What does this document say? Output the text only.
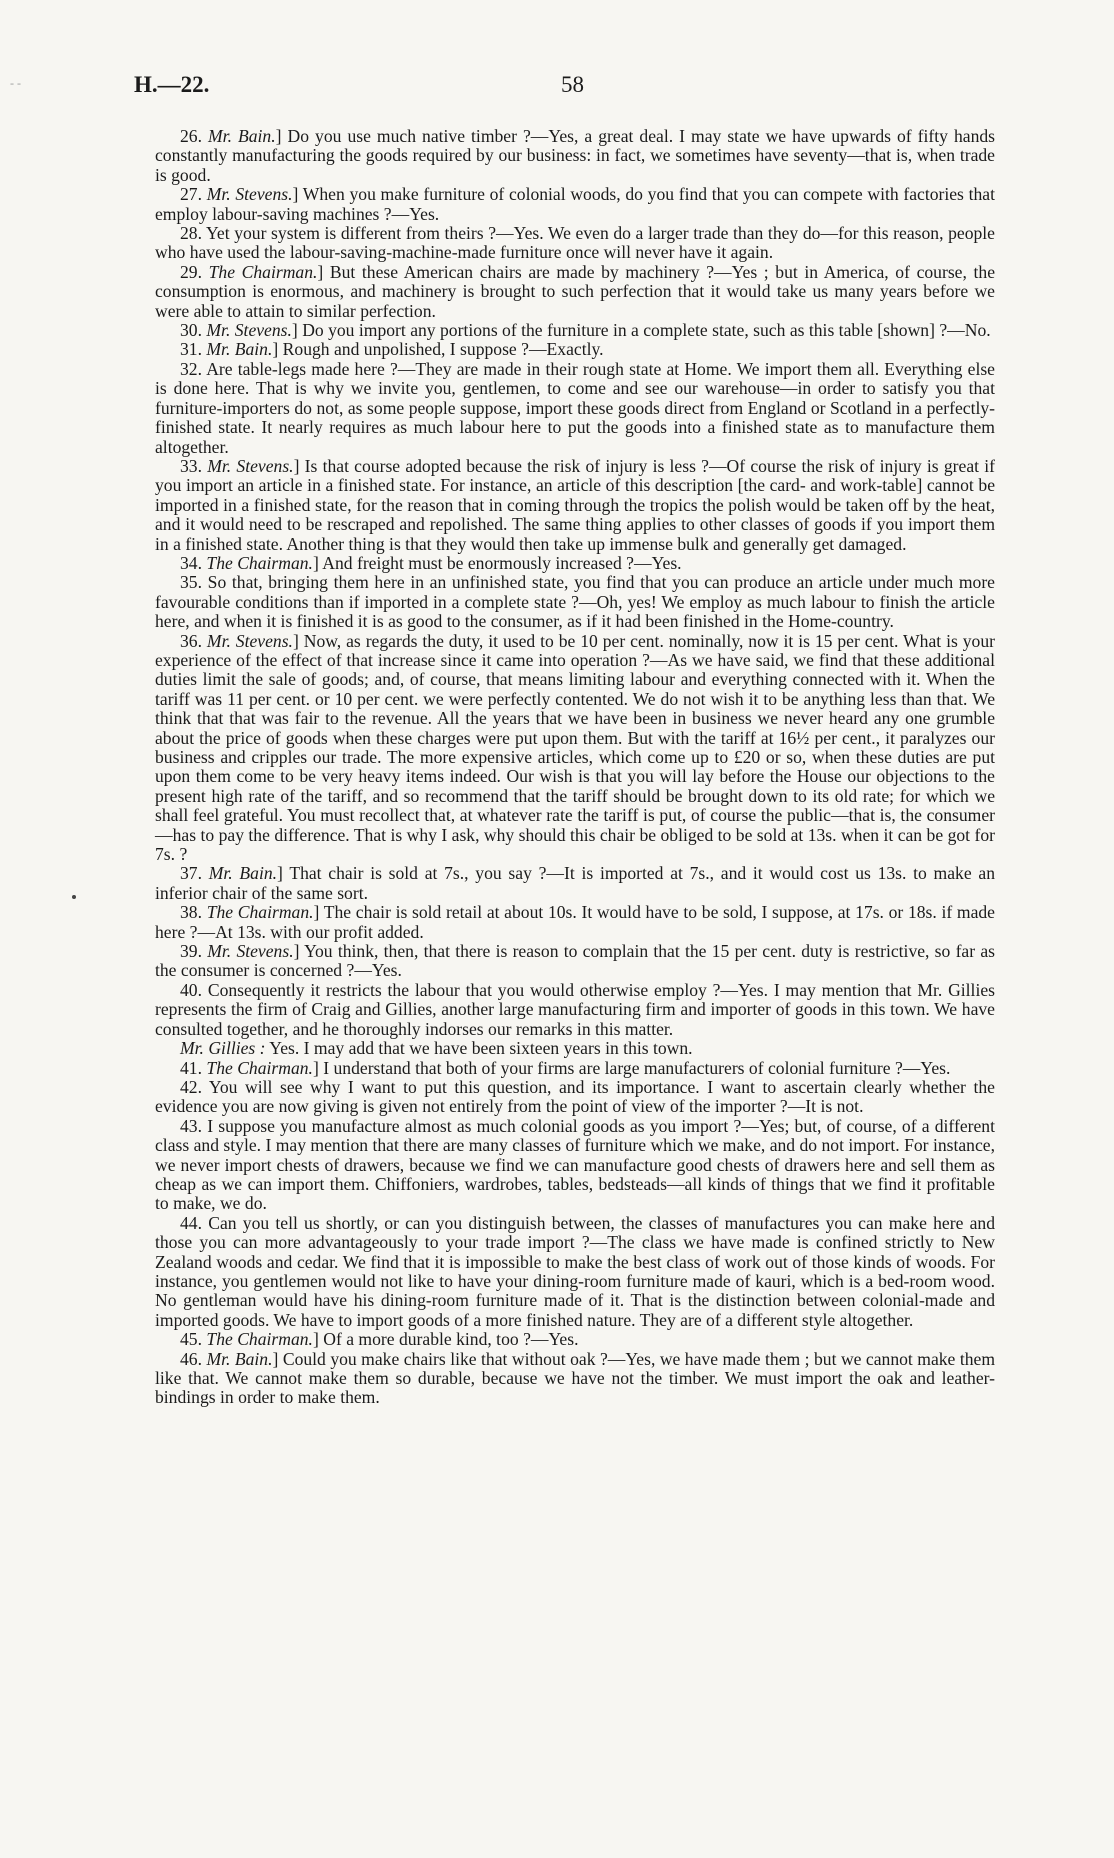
- -	H.—22.	58

26. Mr. Bain.] Do you use much native timber ?—Yes, a great deal. I may state we have upwards of fifty hands constantly manufacturing the goods required by our business: in fact, we sometimes have seventy—that is, when trade is good.

27. Mr. Stevens.] When you make furniture of colonial woods, do you find that you can compete with factories that employ labour-saving machines ?—Yes.

28. Yet your system is different from theirs ?—Yes. We even do a larger trade than they do—for this reason, people who have used the labour-saving-machine-made furniture once will never have it again.

29. The Chairman.] But these American chairs are made by machinery ?—Yes ; but in America, of course, the consumption is enormous, and machinery is brought to such perfection that it would take us many years before we were able to attain to similar perfection.

30. Mr. Stevens.] Do you import any portions of the furniture in a complete state, such as this table [shown] ?—No.

31. Mr. Bain.] Rough and unpolished, I suppose ?—Exactly.

32. Are table-legs made here ?—They are made in their rough state at Home. We import them all. Everything else is done here. That is why we invite you, gentlemen, to come and see our warehouse—in order to satisfy you that furniture-importers do not, as some people suppose, import these goods direct from England or Scotland in a perfectly-finished state. It nearly requires as much labour here to put the goods into a finished state as to manufacture them altogether.

33. Mr. Stevens.] Is that course adopted because the risk of injury is less ?—Of course the risk of injury is great if you import an article in a finished state. For instance, an article of this description [the card- and work-table] cannot be imported in a finished state, for the reason that in coming through the tropics the polish would be taken off by the heat, and it would need to be rescraped and repolished. The same thing applies to other classes of goods if you import them in a finished state. Another thing is that they would then take up immense bulk and generally get damaged.

34. The Chairman.] And freight must be enormously increased ?—Yes.

35. So that, bringing them here in an unfinished state, you find that you can produce an article under much more favourable conditions than if imported in a complete state ?—Oh, yes! We employ as much labour to finish the article here, and when it is finished it is as good to the consumer, as if it had been finished in the Home-country.

36. Mr. Stevens.] Now, as regards the duty, it used to be 10 per cent. nominally, now it is 15 per cent. What is your experience of the effect of that increase since it came into operation ?—As we have said, we find that these additional duties limit the sale of goods; and, of course, that means limiting labour and everything connected with it. When the tariff was 11 per cent. or 10 per cent. we were perfectly contented. We do not wish it to be anything less than that. We think that that was fair to the revenue. All the years that we have been in business we never heard any one grumble about the price of goods when these charges were put upon them. But with the tariff at 16½ per cent., it paralyzes our business and cripples our trade. The more expensive articles, which come up to £20 or so, when these duties are put upon them come to be very heavy items indeed. Our wish is that you will lay before the House our objections to the present high rate of the tariff, and so recommend that the tariff should be brought down to its old rate; for which we shall feel grateful. You must recollect that, at whatever rate the tariff is put, of course the public—that is, the consumer—has to pay the difference. That is why I ask, why should this chair be obliged to be sold at 13s. when it can be got for 7s. ?

37. Mr. Bain.] That chair is sold at 7s., you say ?—It is imported at 7s., and it would cost us 13s. to make an inferior chair of the same sort.

38. The Chairman.] The chair is sold retail at about 10s. It would have to be sold, I suppose, at 17s. or 18s. if made here ?—At 13s. with our profit added.

39. Mr. Stevens.] You think, then, that there is reason to complain that the 15 per cent. duty is restrictive, so far as the consumer is concerned ?—Yes.

40. Consequently it restricts the labour that you would otherwise employ ?—Yes. I may mention that Mr. Gillies represents the firm of Craig and Gillies, another large manufacturing firm and importer of goods in this town. We have consulted together, and he thoroughly indorses our remarks in this matter.

Mr. Gillies : Yes. I may add that we have been sixteen years in this town.

41. The Chairman.] I understand that both of your firms are large manufacturers of colonial furniture ?—Yes.

42. You will see why I want to put this question, and its importance. I want to ascertain clearly whether the evidence you are now giving is given not entirely from the point of view of the importer ?—It is not.

43. I suppose you manufacture almost as much colonial goods as you import ?—Yes; but, of course, of a different class and style. I may mention that there are many classes of furniture which we make, and do not import. For instance, we never import chests of drawers, because we find we can manufacture good chests of drawers here and sell them as cheap as we can import them. Chiffoniers, wardrobes, tables, bedsteads—all kinds of things that we find it profitable to make, we do.

44. Can you tell us shortly, or can you distinguish between, the classes of manufactures you can make here and those you can more advantageously to your trade import ?—The class we have made is confined strictly to New Zealand woods and cedar. We find that it is impossible to make the best class of work out of those kinds of woods. For instance, you gentlemen would not like to have your dining-room furniture made of kauri, which is a bed-room wood. No gentleman would have his dining-room furniture made of it. That is the distinction between colonial-made and imported goods. We have to import goods of a more finished nature. They are of a different style altogether.

45. The Chairman.] Of a more durable kind, too ?—Yes.

46. Mr. Bain.] Could you make chairs like that without oak ?—Yes, we have made them ; but we cannot make them like that. We cannot make them so durable, because we have not the timber. We must import the oak and leather-bindings in order to make them.
